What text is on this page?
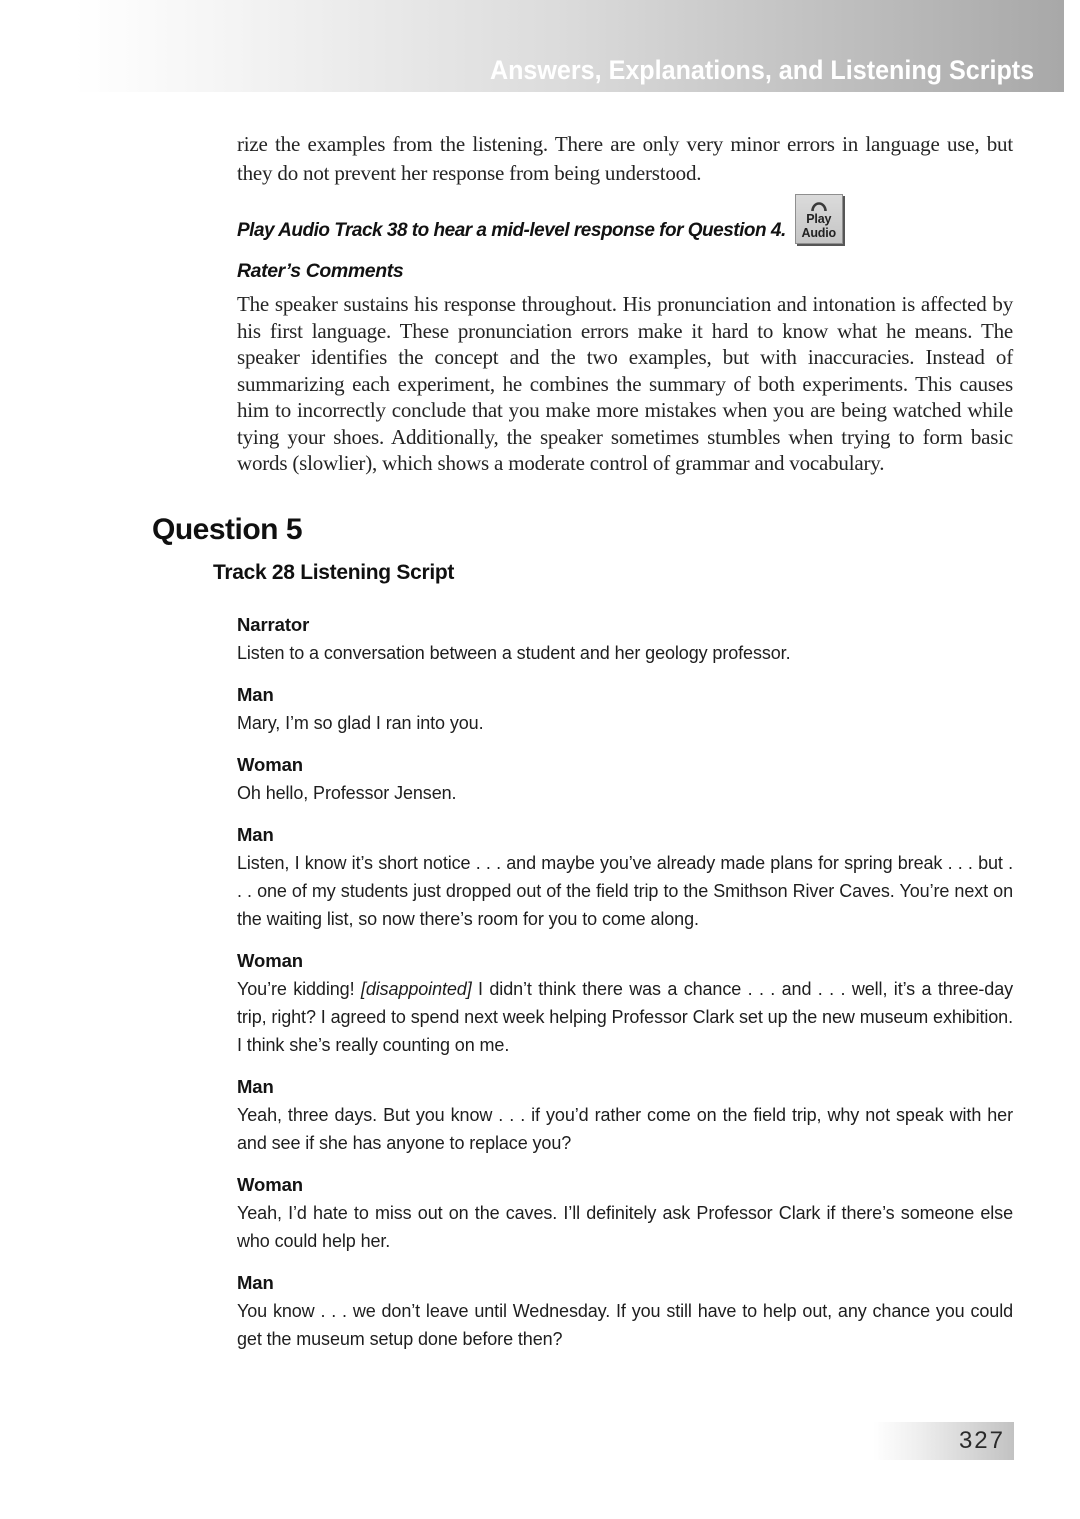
Answers, Explanations, and Listening Scripts

rize the examples from the listening. There are only very minor errors in language use, but they do not prevent her response from being understood.

Play Audio Track 38 to hear a mid-level response for Question 4.
Play
Audio
Rater’s Comments

The speaker sustains his response throughout. His pronunciation and intonation is affected by his first language. These pronunciation errors make it hard to know what he means. The speaker identifies the concept and the two examples, but with inaccuracies. Instead of summarizing each experiment, he combines the summary of both experiments. This causes him to incorrectly conclude that you make more mistakes when you are being watched while tying your shoes. Additionally, the speaker sometimes stumbles when trying to form basic words (slowlier), which shows a moderate control of grammar and vocabulary.

Question 5
Track 28 Listening Script
Narrator

Listen to a conversation between a student and her geology professor.

Man

Mary, I’m so glad I ran into you.

Woman

Oh hello, Professor Jensen.

Man

Listen, I know it’s short notice . . . and maybe you’ve already made plans for spring break . . . but . . . one of my students just dropped out of the field trip to the Smithson River Caves. You’re next on the waiting list, so now there’s room for you to come along.

Woman

You’re kidding! [disappointed] I didn’t think there was a chance . . . and . . . well, it’s a three-day trip, right? I agreed to spend next week helping Professor Clark set up the new museum exhibition. I think she’s really counting on me.

Man

Yeah, three days. But you know . . . if you’d rather come on the field trip, why not speak with her and see if she has anyone to replace you?

Woman

Yeah, I’d hate to miss out on the caves. I’ll definitely ask Professor Clark if there’s someone else who could help her.

Man

You know . . . we don’t leave until Wednesday. If you still have to help out, any chance you could get the museum setup done before then?

327
